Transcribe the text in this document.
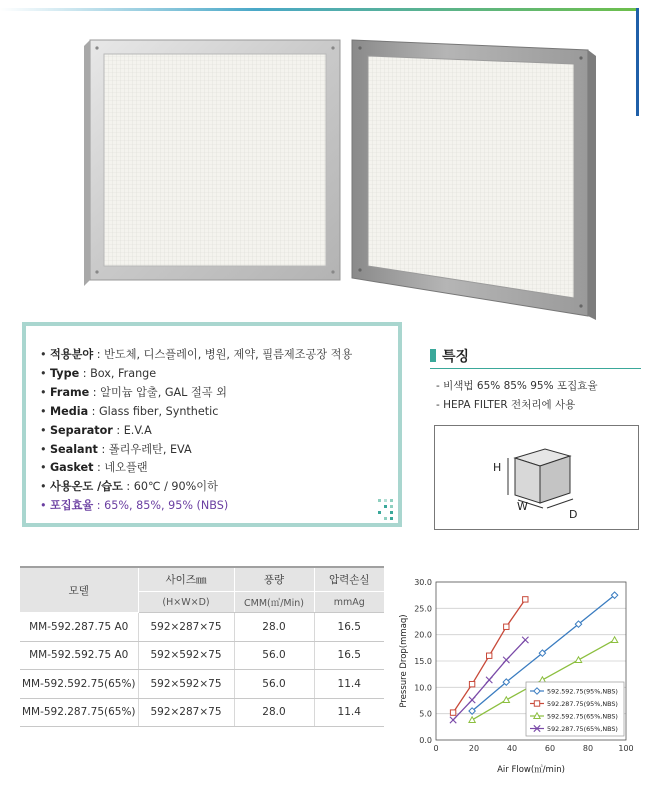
• 적용분야 : 반도체, 디스플레이, 병원, 제약, 필름제조공장 적용
• Type : Box, Frange
• Frame : 알미늄 압출, GAL 절곡 외
• Media : Glass fiber, Synthetic
• Separator : E.V.A
• Sealant : 폴리우레탄, EVA
• Gasket : 네오플랜
• 사용온도 /습도 : 60℃ / 90%이하
• 포집효율 : 65%, 85%, 95% (NBS)
특징
- 비색법 65% 85% 95% 포집효율
- HEPA FILTER 전처리에 사용
H
W
D
모델	사이즈㎜	풍량	압력손실
	(H×W×D)	CMM(㎥/Min)	mmAg
MM-592.287.75 A0	592×287×75	28.0	16.5
MM-592.592.75 A0	592×592×75	56.0	16.5
MM-592.592.75(65%)	592×592×75	56.0	11.4
MM-592.287.75(65%)	592×287×75	28.0	11.4
0.0
5.0
10.0
15.0
20.0
25.0
30.0
0	20	40	60	80	100
Air Flow(㎥/min)
Pressure Drop(mmaq)	592.592.75(95%,NBS)
592.287.75(95%,NBS)
592.592.75(65%,NBS)
592.287.75(65%,NBS)
